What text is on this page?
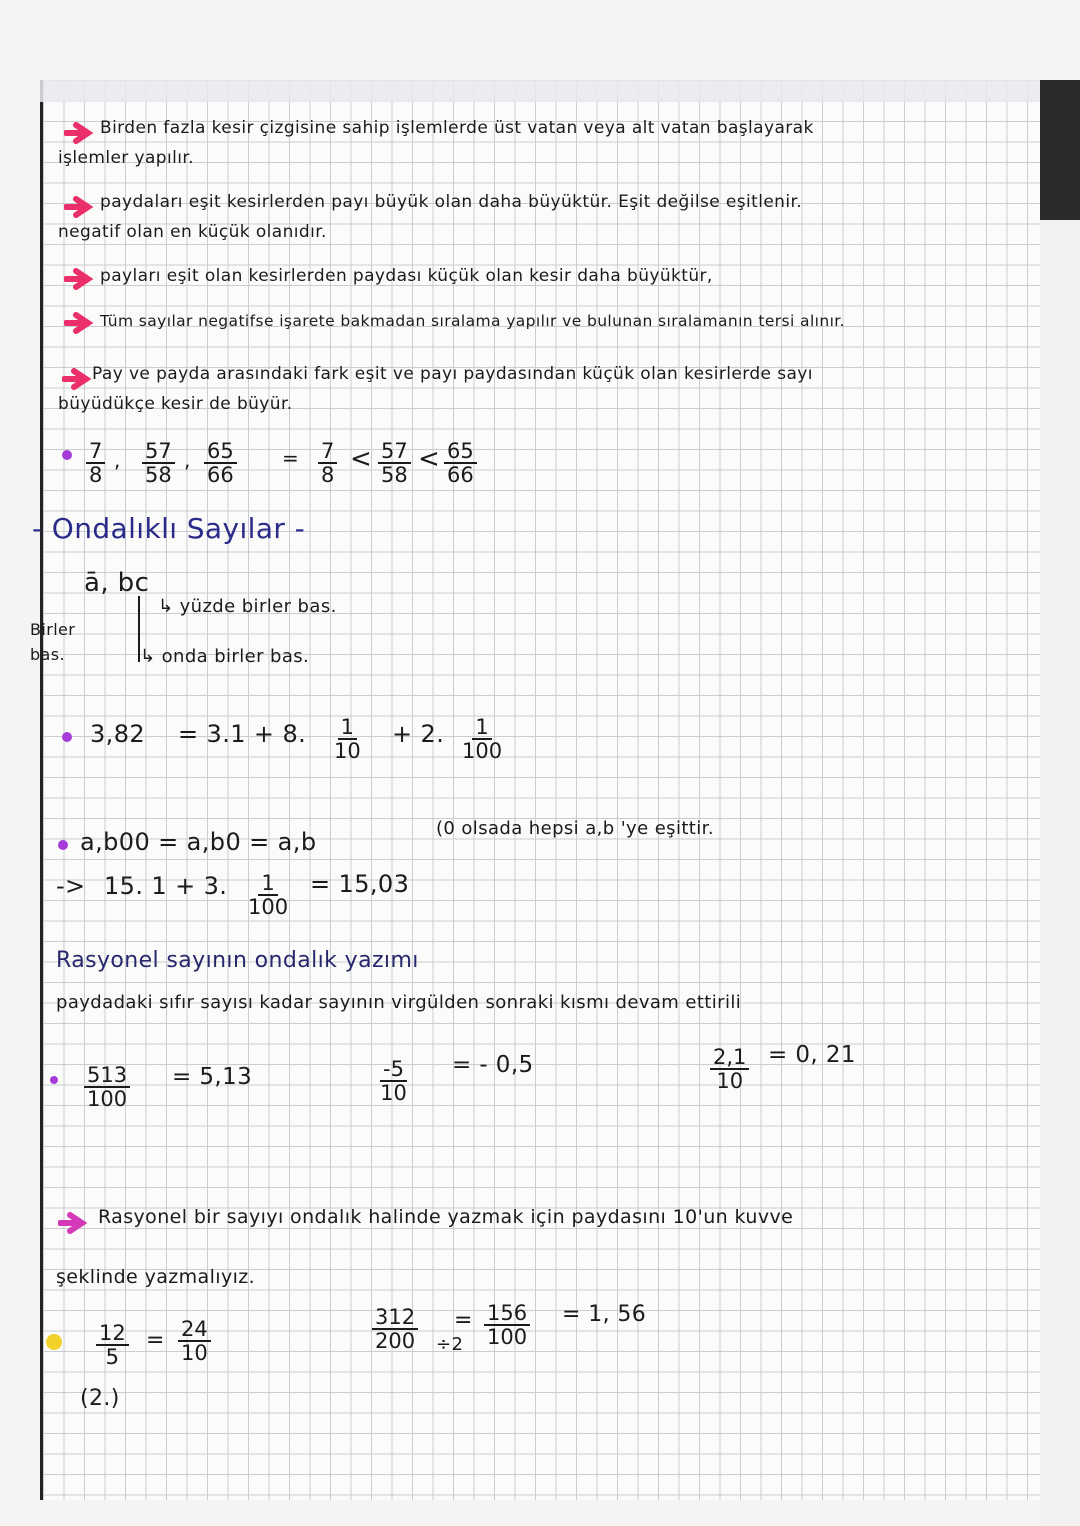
Birden fazla kesir çizgisine sahip işlemlerde üst vatan veya alt vatan başlayarak
işlemler yapılır.
paydaları eşit kesirlerden payı büyük olan daha büyüktür. Eşit değilse eşitlenir.
negatif olan en küçük olanıdır.
payları eşit olan kesirlerden paydası küçük olan kesir daha büyüktür,
Tüm sayılar negatifse işarete bakmadan sıralama yapılır ve bulunan sıralamanın tersi alınır.
Pay ve payda arasındaki fark eşit ve payı paydasından küçük olan kesirlerde sayı
büyüdükçe kesir de büyür.
$\frac{7}{8}$ , $\frac{57}{58}$ , $\frac{65}{66} = \frac{7}{8} < \frac{57}{58} < \frac{65}{66}$
- Ondalıklı Sayılar -
ā, bc
Birler
bas.
↳ yüzde birler bas.
↳ onda birler bas.
3,82 = 3.1 + 8. $\frac{1}{10} + 2$. $\frac{1}{100}$
a,b00 = a,b0 = a,b	(0 olsada hepsi a,b 'ye eşittir.
-> 15. 1 + 3. $\frac{1}{100} = 15,03$
Rasyonel sayının ondalık yazımı
paydadaki sıfır sayısı kadar sayının virgülden sonraki kısmı devam ettirili
$\frac{513}{100} = 5,13$	$\frac{-5}{10}$ = - 0,5	$\frac{2,1}{10} = 0$, 21
Rasyonel bir sayıyı ondalık halinde yazmak için paydasını 10'un kuvve
şeklinde yazmalıyız.
$\frac{12}{5} = \frac{24}{10}$
(2.)
$\frac{312}{200} \div 2$
= $\frac{156}{100} = 1$, 56
